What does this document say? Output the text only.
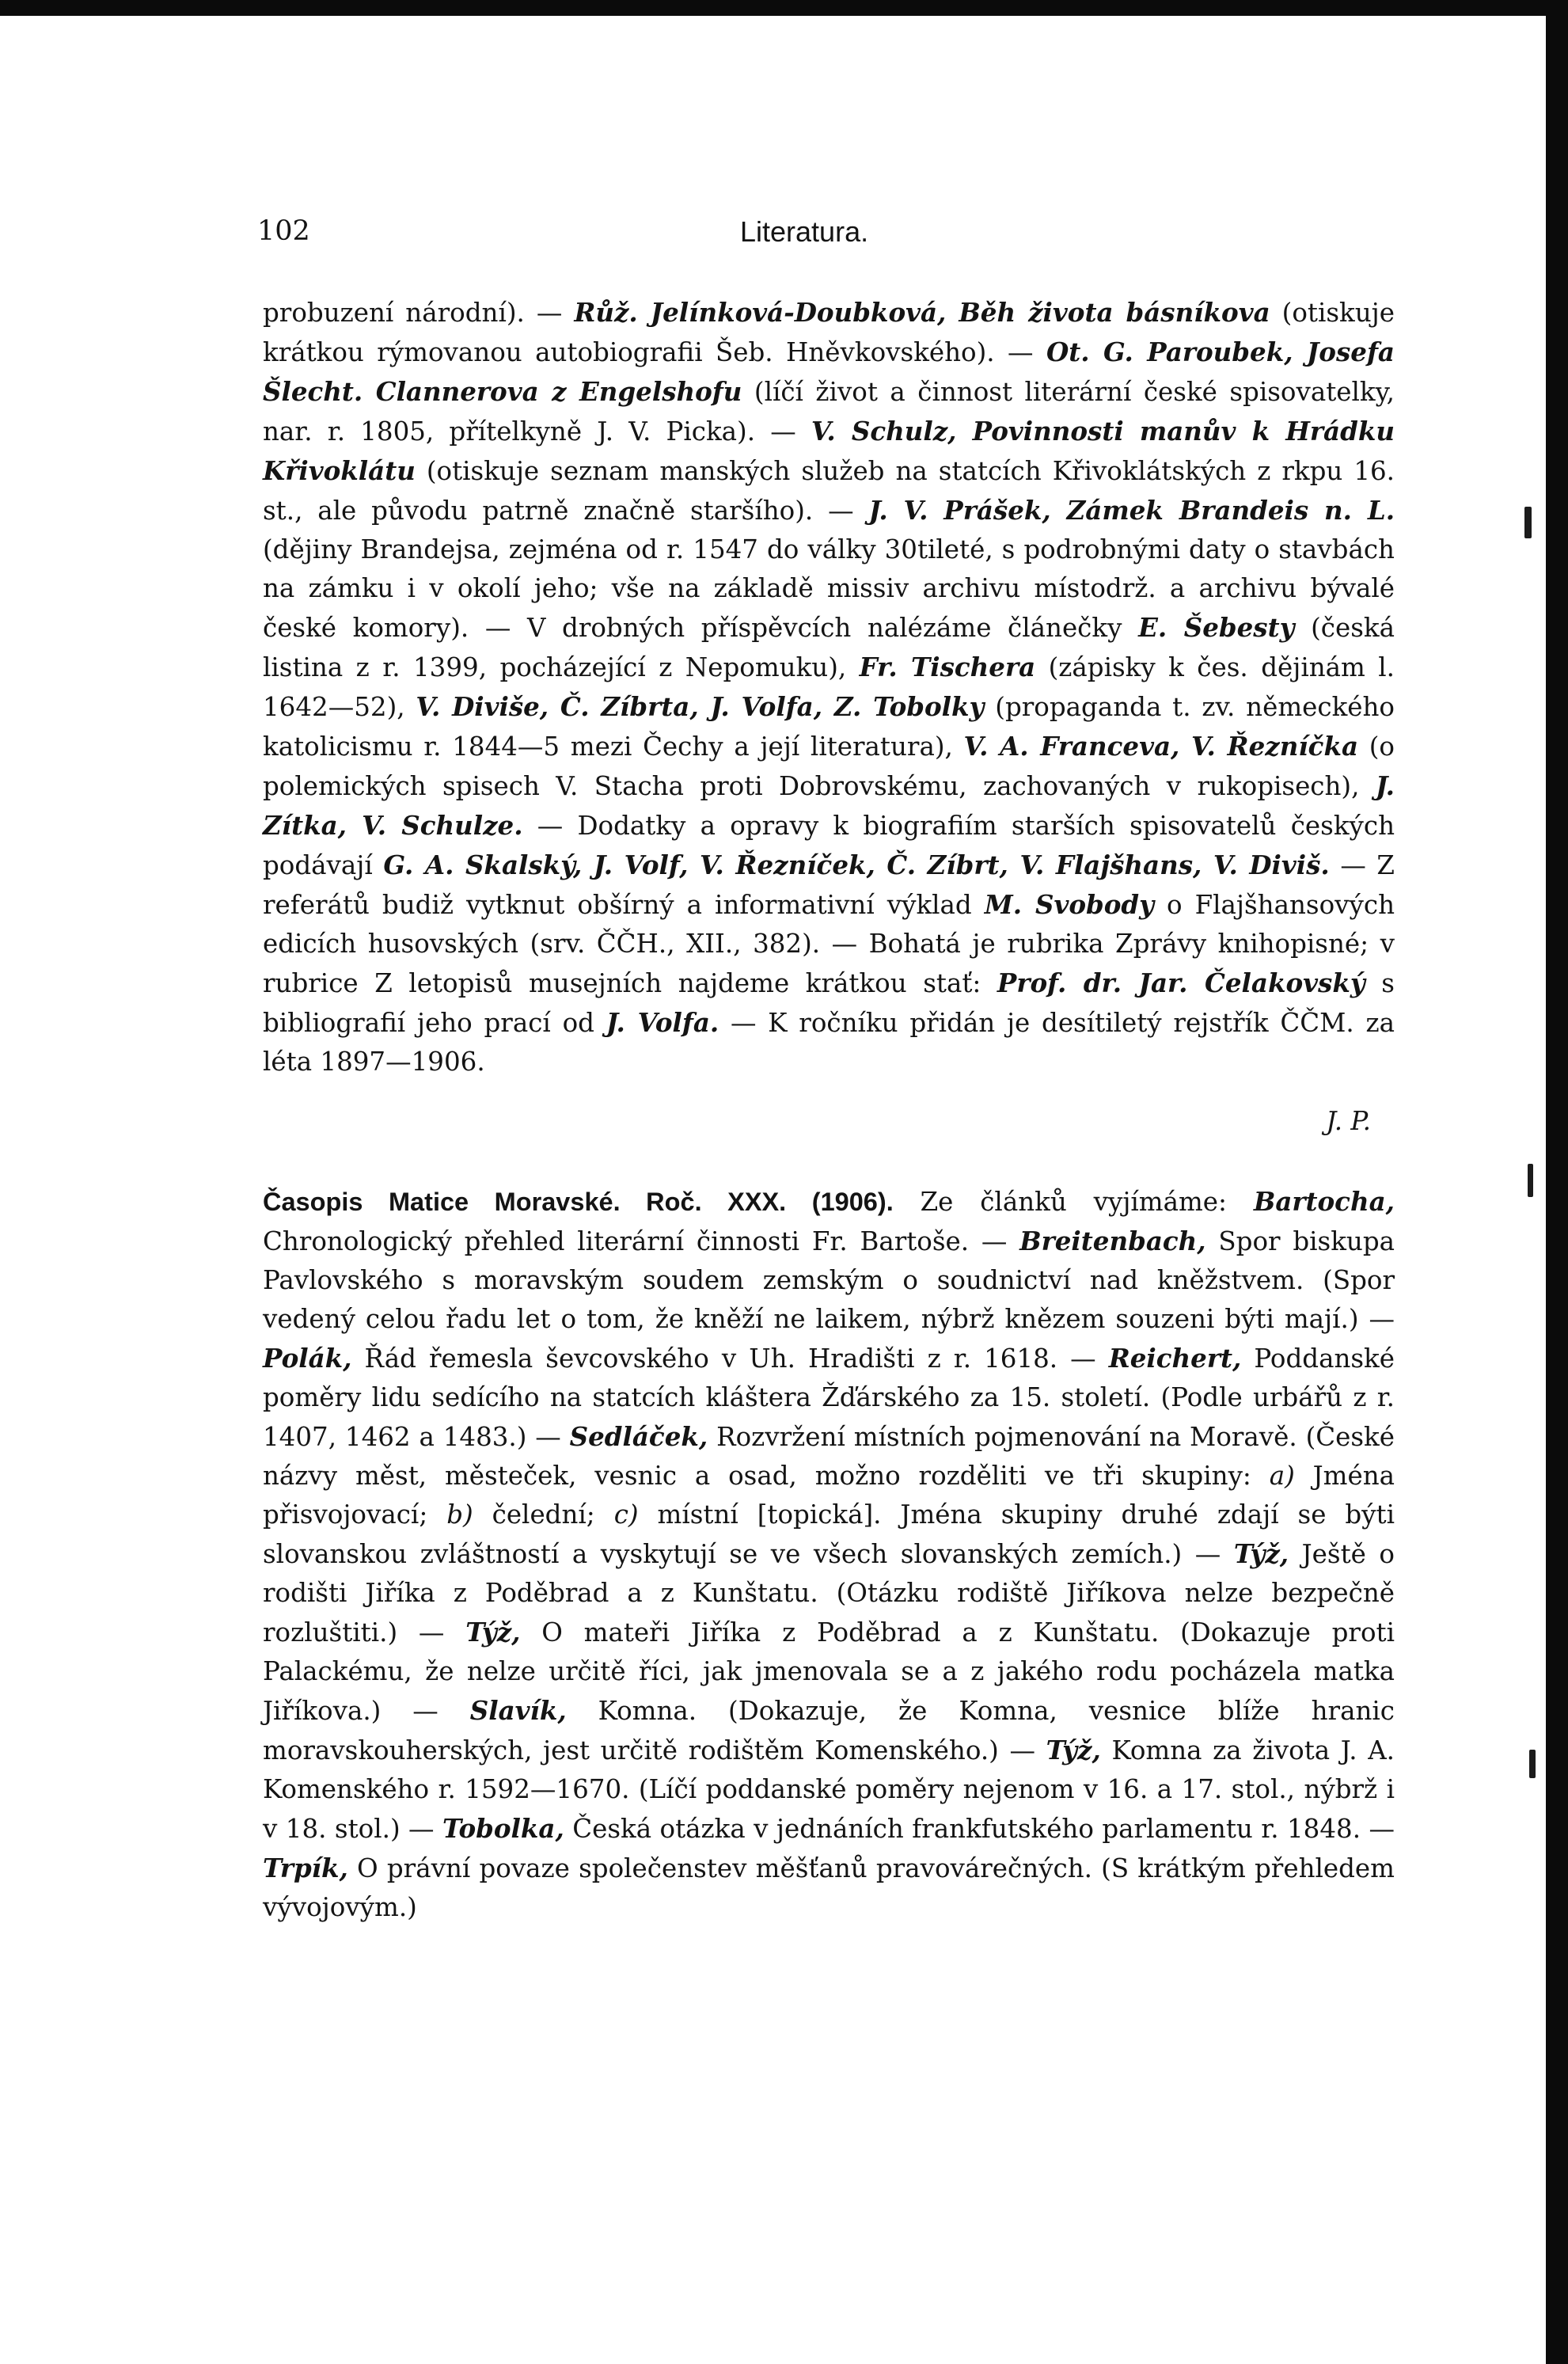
102	Literatura.

probuzení národní). — Růž. Jelínková-Doubková, Běh života básníkova (otiskuje krátkou rýmovanou autobiografii Šeb. Hněvkovského). — Ot. G. Paroubek, Josefa Šlecht. Clannerova z Engelshofu (líčí život a činnost literární české spisovatelky, nar. r. 1805, přítelkyně J. V. Picka). — V. Schulz, Povinnosti manův k Hrádku Křivoklátu (otiskuje seznam manských služeb na statcích Křivoklátských z rkpu 16. st., ale původu patrně značně staršího). — J. V. Prášek, Zámek Brandeis n. L. (dějiny Brandejsa, zejména od r. 1547 do války 30tileté, s podrobnými daty o stavbách na zámku i v okolí jeho; vše na základě missiv archivu místodrž. a archivu bývalé české komory). — V drobných příspěvcích nalézáme článečky E. Šebesty (česká listina z r. 1399, pocházející z Nepomuku), Fr. Tischera (zápisky k čes. dějinám l. 1642—52), V. Diviše, Č. Zíbrta, J. Volfa, Z. Tobolky (propaganda t. zv. německého katolicismu r. 1844—5 mezi Čechy a její literatura), V. A. Franceva, V. Řezníčka (o polemických spisech V. Stacha proti Dobrovskému, zachovaných v rukopisech), J. Zítka, V. Schulze. — Dodatky a opravy k biografiím starších spisovatelů českých podávají G. A. Skalský, J. Volf, V. Řezníček, Č. Zíbrt, V. Flajšhans, V. Diviš. — Z referátů budiž vytknut obšírný a informativní výklad M. Svobody o Flajšhansových edicích husovských (srv. ČČH., XII., 382). — Bohatá je rubrika Zprávy knihopisné; v rubrice Z letopisů musejních najdeme krátkou stať: Prof. dr. Jar. Čelakovský s bibliografií jeho prací od J. Volfa. — K ročníku přidán je desítiletý rejstřík ČČM. za léta 1897—1906.

J. P.

Časopis Matice Moravské. Roč. XXX. (1906). Ze článků vyjímáme: Bartocha, Chronologický přehled literární činnosti Fr. Bartoše. — Breitenbach, Spor biskupa Pavlovského s moravským soudem zemským o soudnictví nad kněžstvem. (Spor vedený celou řadu let o tom, že kněží ne laikem, nýbrž knězem souzeni býti mají.) — Polák, Řád řemesla ševcovského v Uh. Hradišti z r. 1618. — Reichert, Poddanské poměry lidu sedícího na statcích kláštera Žďárského za 15. století. (Podle urbářů z r. 1407, 1462 a 1483.) — Sedláček, Rozvržení místních pojmenování na Moravě. (České názvy měst, městeček, vesnic a osad, možno rozděliti ve tři skupiny: a) Jména přisvojovací; b) čelední; c) místní [topická]. Jména skupiny druhé zdají se býti slovanskou zvláštností a vyskytují se ve všech slovanských zemích.) — Týž, Ještě o rodišti Jiříka z Poděbrad a z Kunštatu. (Otázku rodiště Jiříkova nelze bezpečně rozluštiti.) — Týž, O mateři Jiříka z Poděbrad a z Kunštatu. (Dokazuje proti Palackému, že nelze určitě říci, jak jmenovala se a z jakého rodu pocházela matka Jiříkova.) — Slavík, Komna. (Dokazuje, že Komna, vesnice blíže hranic moravskouherských, jest určitě rodištěm Komenského.) — Týž, Komna za života J. A. Komenského r. 1592—1670. (Líčí poddanské poměry nejenom v 16. a 17. stol., nýbrž i v 18. stol.) — Tobolka, Česká otázka v jednáních frankfutského parlamentu r. 1848. — Trpík, O právní povaze společenstev měšťanů pravovárečných. (S krátkým přehledem vývojovým.)
